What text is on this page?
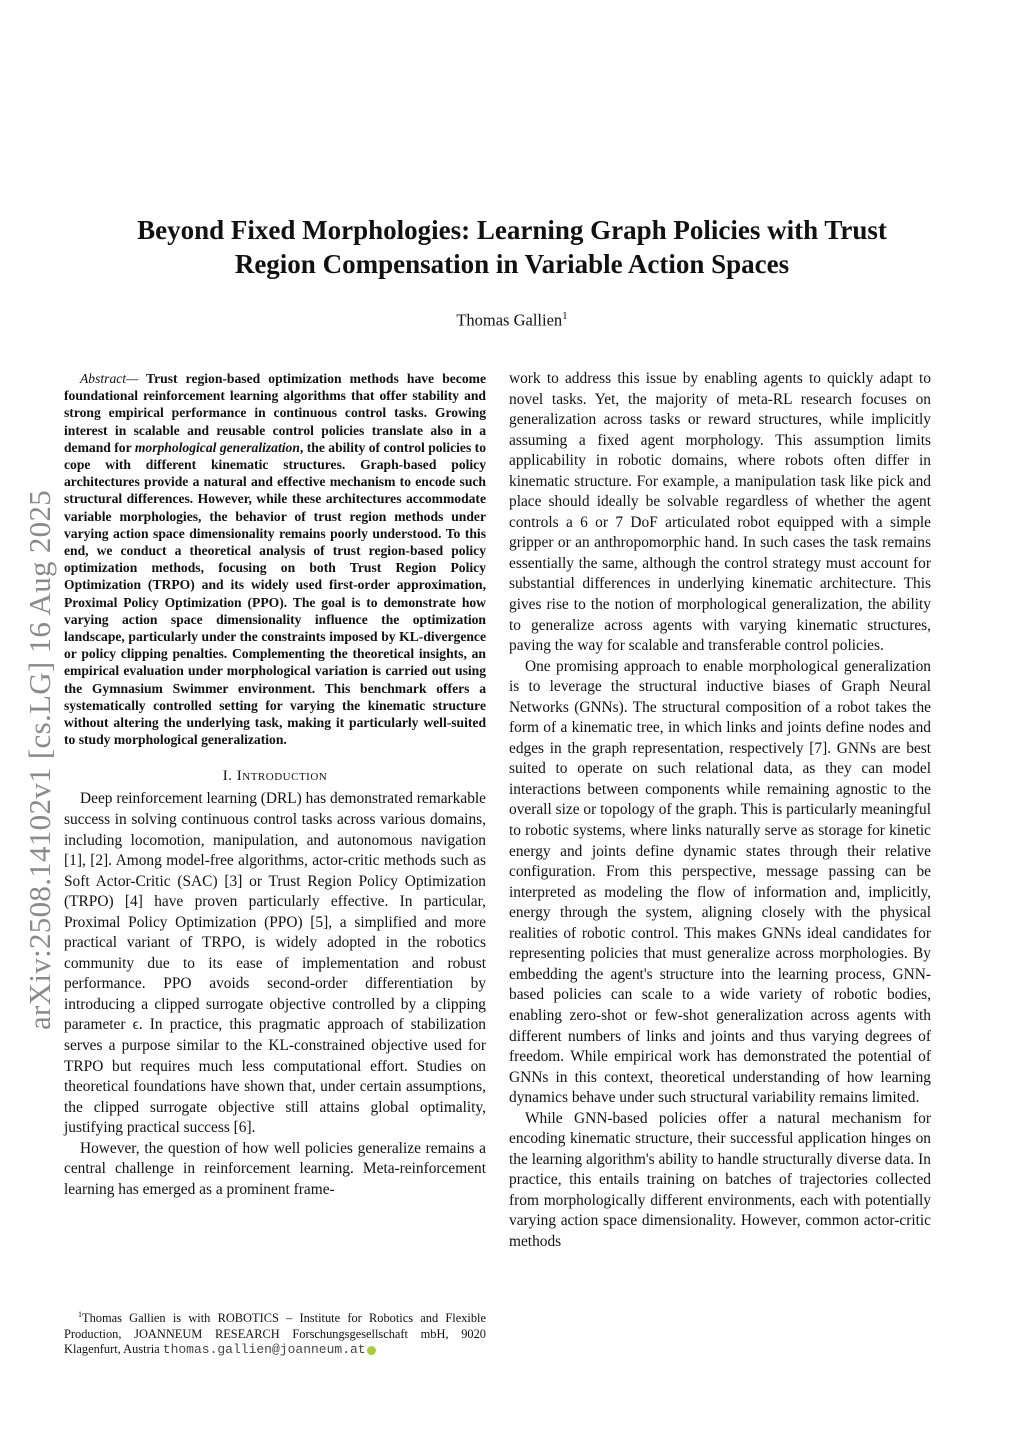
Beyond Fixed Morphologies: Learning Graph Policies with Trust
Region Compensation in Variable Action Spaces
Thomas Gallien$^1$
arXiv:2508.14102v1 [cs.LG] 16 Aug 2025

Abstract— Trust region-based optimization methods have become foundational reinforcement learning algorithms that offer stability and strong empirical performance in continuous control tasks. Growing interest in scalable and reusable control policies translate also in a demand for morphological generalization, the ability of control policies to cope with different kinematic structures. Graph-based policy architectures provide a natural and effective mechanism to encode such structural differences. However, while these architectures accommodate variable morphologies, the behavior of trust region methods under varying action space dimensionality remains poorly understood. To this end, we conduct a theoretical analysis of trust region-based policy optimization methods, focusing on both Trust Region Policy Optimization (TRPO) and its widely used first-order approximation, Proximal Policy Optimization (PPO). The goal is to demonstrate how varying action space dimensionality influence the optimization landscape, particularly under the constraints imposed by KL-divergence or policy clipping penalties. Complementing the theoretical insights, an empirical evaluation under morphological variation is carried out using the Gymnasium Swimmer environment. This benchmark offers a systematically controlled setting for varying the kinematic structure without altering the underlying task, making it particularly well-suited to study morphological generalization.

I. Introduction

Deep reinforcement learning (DRL) has demonstrated remarkable success in solving continuous control tasks across various domains, including locomotion, manipulation, and autonomous navigation [1], [2]. Among model-free algorithms, actor-critic methods such as Soft Actor-Critic (SAC) [3] or Trust Region Policy Optimization (TRPO) [4] have proven particularly effective. In particular, Proximal Policy Optimization (PPO) [5], a simplified and more practical variant of TRPO, is widely adopted in the robotics community due to its ease of implementation and robust performance. PPO avoids second-order differentiation by introducing a clipped surrogate objective controlled by a clipping parameter ϵ. In practice, this pragmatic approach of stabilization serves a purpose similar to the KL-constrained objective used for TRPO but requires much less computational effort. Studies on theoretical foundations have shown that, under certain assumptions, the clipped surrogate objective still attains global optimality, justifying practical success [6].

However, the question of how well policies generalize remains a central challenge in reinforcement learning. Meta-reinforcement learning has emerged as a prominent frame-

work to address this issue by enabling agents to quickly adapt to novel tasks. Yet, the majority of meta-RL research focuses on generalization across tasks or reward structures, while implicitly assuming a fixed agent morphology. This assumption limits applicability in robotic domains, where robots often differ in kinematic structure. For example, a manipulation task like pick and place should ideally be solvable regardless of whether the agent controls a 6 or 7 DoF articulated robot equipped with a simple gripper or an anthropomorphic hand. In such cases the task remains essentially the same, although the control strategy must account for substantial differences in underlying kinematic architecture. This gives rise to the notion of morphological generalization, the ability to generalize across agents with varying kinematic structures, paving the way for scalable and transferable control policies.

One promising approach to enable morphological generalization is to leverage the structural inductive biases of Graph Neural Networks (GNNs). The structural composition of a robot takes the form of a kinematic tree, in which links and joints define nodes and edges in the graph representation, respectively [7]. GNNs are best suited to operate on such relational data, as they can model interactions between components while remaining agnostic to the overall size or topology of the graph. This is particularly meaningful to robotic systems, where links naturally serve as storage for kinetic energy and joints define dynamic states through their relative configuration. From this perspective, message passing can be interpreted as modeling the flow of information and, implicitly, energy through the system, aligning closely with the physical realities of robotic control. This makes GNNs ideal candidates for representing policies that must generalize across morphologies. By embedding the agent's structure into the learning process, GNN-based policies can scale to a wide variety of robotic bodies, enabling zero-shot or few-shot generalization across agents with different numbers of links and joints and thus varying degrees of freedom. While empirical work has demonstrated the potential of GNNs in this context, theoretical understanding of how learning dynamics behave under such structural variability remains limited.

While GNN-based policies offer a natural mechanism for encoding kinematic structure, their successful application hinges on the learning algorithm's ability to handle structurally diverse data. In practice, this entails training on batches of trajectories collected from morphologically different environments, each with potentially varying action space dimensionality. However, common actor-critic methods

$^1$Thomas Gallien is with ROBOTICS – Institute for Robotics and Flexible Production, JOANNEUM RESEARCH Forschungsgesellschaft mbH, 9020 Klagenfurt, Austria thomas.gallien@joanneum.at
